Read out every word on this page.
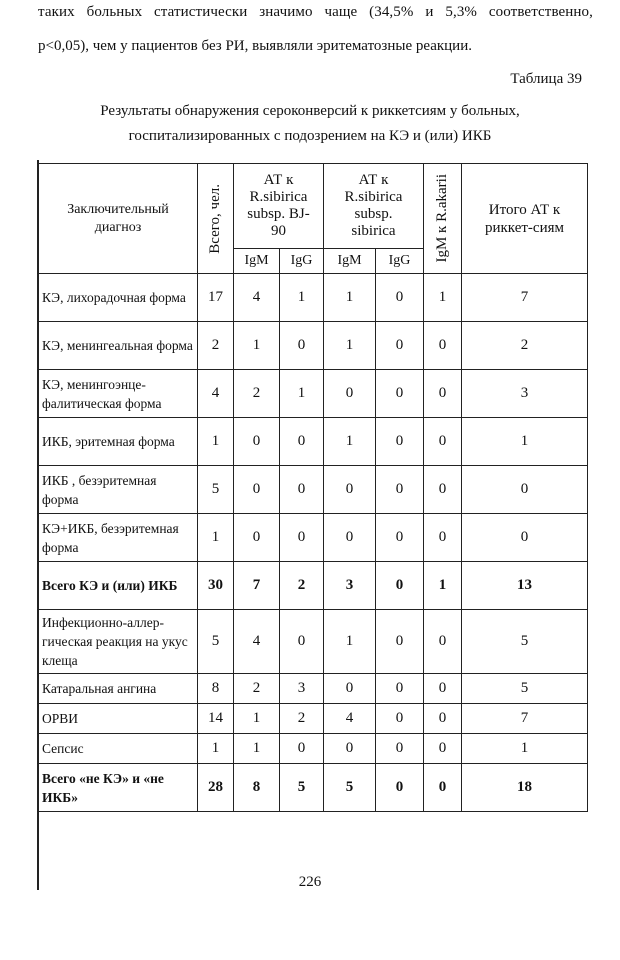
таких больных статистически значимо чаще (34,5% и 5,3% соответственно,
р<0,05), чем у пациентов без РИ, выявляли эритематозные реакции.
Таблица 39
Результаты обнаружения сероконверсий к риккетсиям у больных,
госпитализированных с подозрением на КЭ и (или) ИКБ
Заключительный диагноз	Всего, чел.	АТ к R.sibirica subsp. BJ-90		АТ к R.sibirica subsp. sibirica		IgM к R.akarii	Итого АТ к риккет-сиям
		IgM	IgG	IgM	IgG		
КЭ, лихорадочная форма	17	4	1	1	0	1	7
КЭ, менингеальная форма	2	1	0	1	0	0	2
КЭ, менингоэнце-фалитическая форма	4	2	1	0	0	0	3
ИКБ, эритемная форма	1	0	0	1	0	0	1
ИКБ , безэритемная форма	5	0	0	0	0	0	0
КЭ+ИКБ, безэритемная форма	1	0	0	0	0	0	0
Всего КЭ и (или) ИКБ	30	7	2	3	0	1	13
Инфекционно-аллер-гическая реакция на укус клеща	5	4	0	1	0	0	5
Катаральная ангина	8	2	3	0	0	0	5
ОРВИ	14	1	2	4	0	0	7
Сепсис	1	1	0	0	0	0	1
Всего «не КЭ» и «не ИКБ»	28	8	5	5	0	0	18
226
